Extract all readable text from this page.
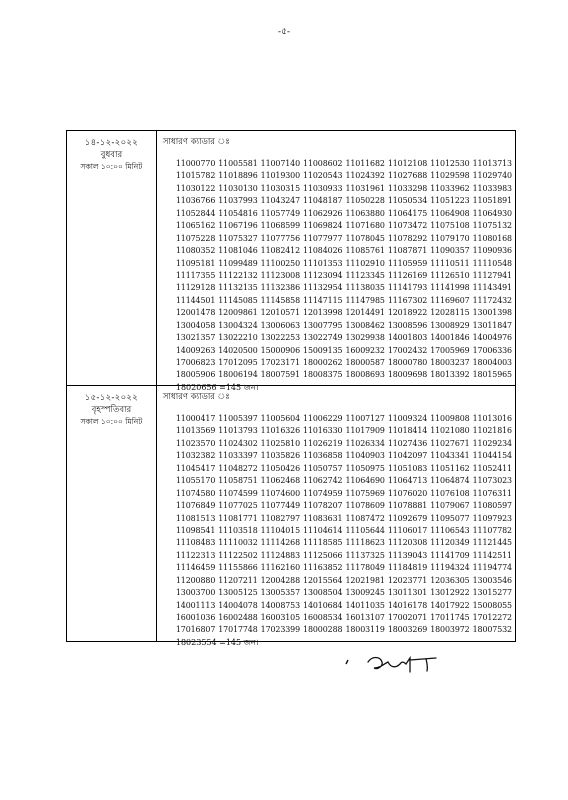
-৫-
১৪-১২-২০২২
বুধবার
সকাল ১০:০০ মিনিট
সাধারণ ক্যাডার ঃ
11000770 11005581 11007140 11008602 11011682 11012108 11012530 11013713
11015782 11018896 11019300 11020543 11024392 11027688 11029598 11029740
11030122 11030130 11030315 11030933 11031961 11033298 11033962 11033983
11036766 11037993 11043247 11048187 11050228 11050534 11051223 11051891
11052844 11054816 11057749 11062926 11063880 11064175 11064908 11064930
11065162 11067196 11068599 11069824 11071680 11073472 11075108 11075132
11075228 11075327 11077756 11077977 11078045 11078292 11079170 11080168
11080352 11081046 11082412 11084026 11085761 11087871 11090357 11090936
11095181 11099489 11100250 11101353 11102910 11105959 11110511 11110548
11117355 11122132 11123008 11123094 11123345 11126169 11126510 11127941
11129128 11132135 11132386 11132954 11138035 11141793 11141998 11143491
11144501 11145085 11145858 11147115 11147985 11167302 11169607 11172432
12001478 12009861 12010571 12013998 12014491 12018922 12028115 13001398
13004058 13004324 13006063 13007795 13008462 13008596 13008929 13011847
13021357 13022210 13022253 13022749 13029938 14001803 14001846 14004976
14009263 14020500 15000906 15009135 16009232 17002432 17005969 17006336
17006823 17012095 17023171 18000262 18000587 18000780 18003237 18004003
18005906 18006194 18007591 18008375 18008693 18009698 18013392 18015965
18020656 =145 জন।
১৫-১২-২০২২
বৃহস্পতিবার
সকাল ১০:০০ মিনিট
সাধারণ ক্যাডার ঃ
11000417 11005397 11005604 11006229 11007127 11009324 11009808 11013016
11013569 11013793 11016326 11016330 11017909 11018414 11021080 11021816
11023570 11024302 11025810 11026219 11026334 11027436 11027671 11029234
11032382 11033397 11035826 11036858 11040903 11042097 11043341 11044154
11045417 11048272 11050426 11050757 11050975 11051083 11051162 11052411
11055170 11058751 11062468 11062742 11064690 11064713 11064874 11073023
11074580 11074599 11074600 11074959 11075969 11076020 11076108 11076311
11076849 11077025 11077449 11078207 11078609 11078881 11079067 11080597
11081513 11081771 11082797 11083631 11087472 11092679 11095077 11097923
11098541 11103518 11104015 11104614 11105644 11106017 11106543 11107782
11108483 11110032 11114268 11118585 11118623 11120308 11120349 11121445
11122313 11122502 11124883 11125066 11137325 11139043 11141709 11142511
11146459 11155866 11162160 11163852 11178049 11184819 11194324 11194774
11200880 11207211 12004288 12015564 12021981 12023771 12036305 13003546
13003700 13005125 13005357 13008504 13009245 13011301 13012922 13015277
14001113 14004078 14008753 14010684 14011035 14016178 14017922 15008055
16001036 16002488 16003105 16008534 16013107 17002071 17011745 17012272
17016807 17017748 17023399 18000288 18003119 18003269 18003972 18007532
18023554 =145 জন।
